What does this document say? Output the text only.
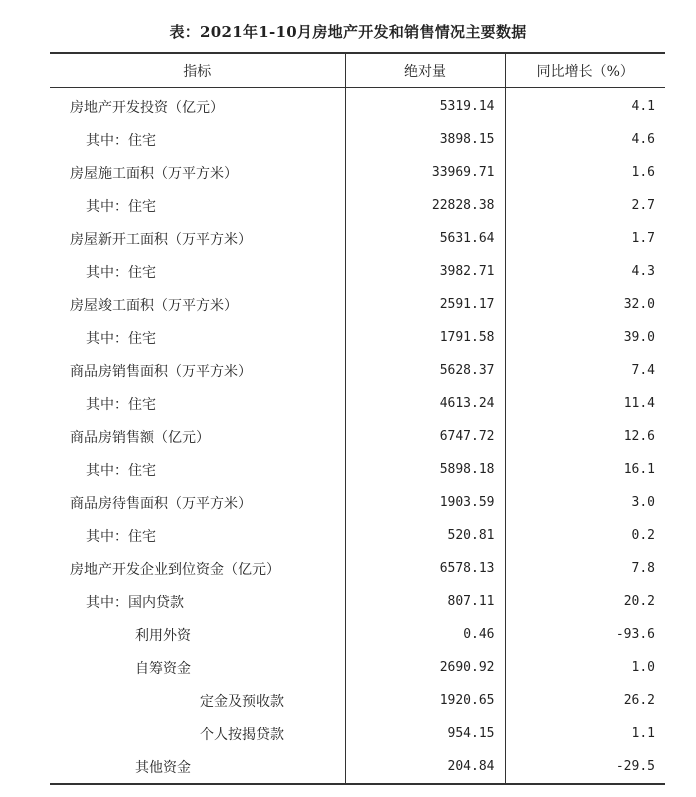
表：2021年1-10月房地产开发和销售情况主要数据
指标	绝对量	同比增长（%）
房地产开发投资（亿元）	5319.14	4.1
其中：住宅	3898.15	4.6
房屋施工面积（万平方米）	33969.71	1.6
其中：住宅	22828.38	2.7
房屋新开工面积（万平方米）	5631.64	1.7
其中：住宅	3982.71	4.3
房屋竣工面积（万平方米）	2591.17	32.0
其中：住宅	1791.58	39.0
商品房销售面积（万平方米）	5628.37	7.4
其中：住宅	4613.24	11.4
商品房销售额（亿元）	6747.72	12.6
其中：住宅	5898.18	16.1
商品房待售面积（万平方米）	1903.59	3.0
其中：住宅	520.81	0.2
房地产开发企业到位资金（亿元）	6578.13	7.8
其中：国内贷款	807.11	20.2
利用外资	0.46	-93.6
自筹资金	2690.92	1.0
定金及预收款	1920.65	26.2
个人按揭贷款	954.15	1.1
其他资金	204.84	-29.5
